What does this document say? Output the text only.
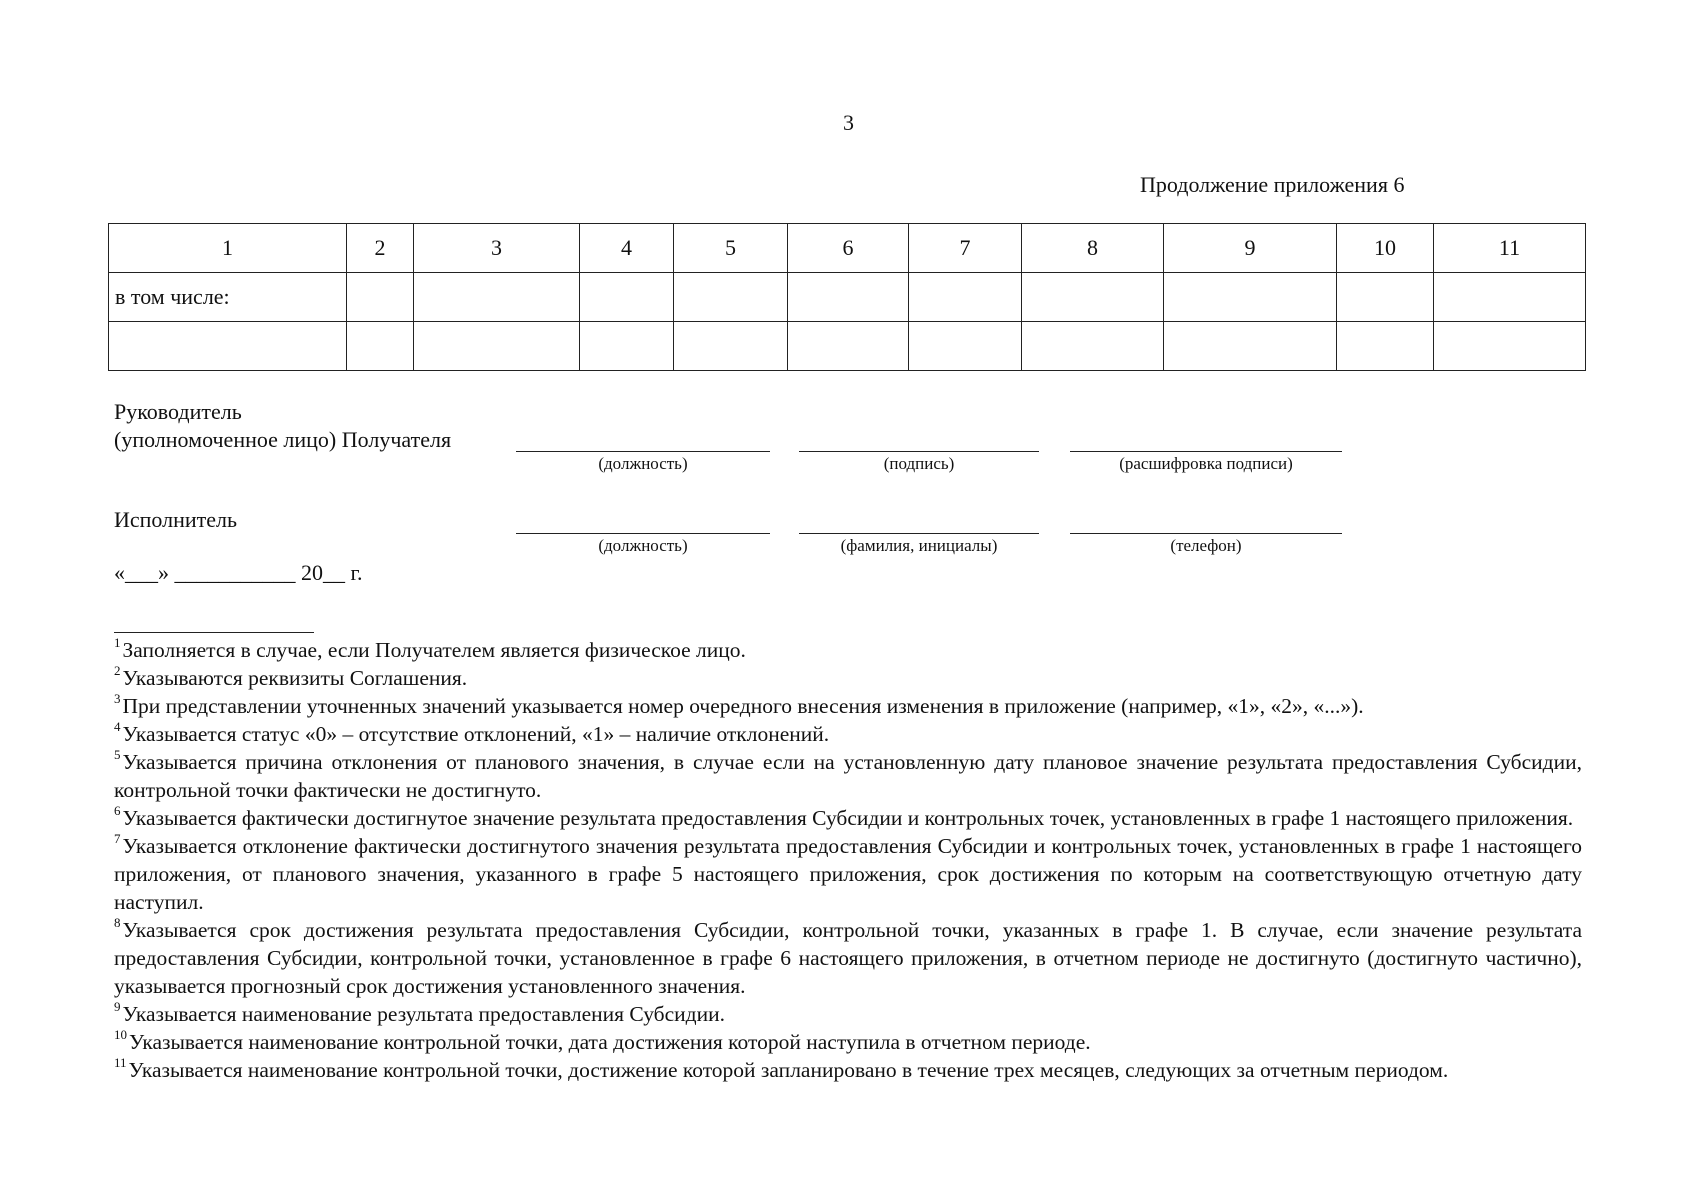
3
Продолжение приложения 6
1	2	3	4	5	6	7	8	9	10	11
в том числе:										

Руководитель
(уполномоченное лицо) Получателя
(должность)	(подпись)	(расшифровка подписи)
Исполнитель
(должность)	(фамилия, инициалы)	(телефон)
«___» ___________ 20__ г.

$^1$Заполняется в случае, если Получателем является физическое лицо.

$^2$Указываются реквизиты Соглашения.

$^3$При представлении уточненных значений указывается номер очередного внесения изменения в приложение (например, «1», «2», «...»).

$^4$Указывается статус «0» – отсутствие отклонений, «1» – наличие отклонений.

$^5$Указывается причина отклонения от планового значения, в случае если на установленную дату плановое значение результата предоставления Субсидии, контрольной точки фактически не достигнуто.

$^6$Указывается фактически достигнутое значение результата предоставления Субсидии и контрольных точек, установленных в графе 1 настоящего приложения.

$^7$Указывается отклонение фактически достигнутого значения результата предоставления Субсидии и контрольных точек, установленных в графе 1 настоящего приложения, от планового значения, указанного в графе 5 настоящего приложения, срок достижения по которым на соответствующую отчетную дату наступил.

$^8$Указывается срок достижения результата предоставления Субсидии, контрольной точки, указанных в графе 1. В случае, если значение результата предоставления Субсидии, контрольной точки, установленное в графе 6 настоящего приложения, в отчетном периоде не достигнуто (достигнуто частично), указывается прогнозный срок достижения установленного значения.

$^9$Указывается наименование результата предоставления Субсидии.

$^{10}$Указывается наименование контрольной точки, дата достижения которой наступила в отчетном периоде.

$^{11}$Указывается наименование контрольной точки, достижение которой запланировано в течение трех месяцев, следующих за отчетным периодом.
